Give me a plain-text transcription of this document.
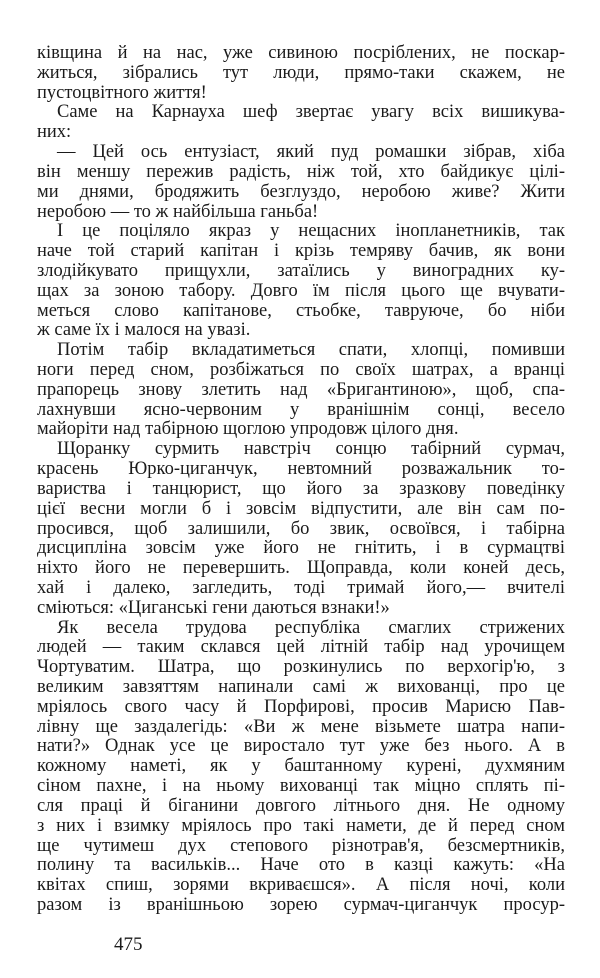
ківщина й на нас, уже сивиною посріблених, не поскар-
житься, зібрались тут люди, прямо-таки скажем, не
пустоцвітного життя!
Саме на Карнауха шеф звертає увагу всіх вишикува-
них:
— Цей ось ентузіаст, який пуд ромашки зібрав, хіба
він меншу пережив радість, ніж той, хто байдикує цілі-
ми днями, бродяжить безглуздо, неробою живе? Жити
неробою — то ж найбільша ганьба!
І це поціляло якраз у нещасних інопланетників, так
наче той старий капітан і крізь темряву бачив, як вони
злодійкувато прищухли, затаїлись у виноградних ку-
щах за зоною табору. Довго їм після цього ще вчувати-
меться слово капітанове, стьобке, тавруюче, бо ніби
ж саме їх і малося на увазі.
Потім табір вкладатиметься спати, хлопці, помивши
ноги перед сном, розбіжаться по своїх шатрах, а вранці
прапорець знову злетить над «Бригантиною», щоб, спа-
лахнувши ясно-червоним у вранішнім сонці, весело
майоріти над табірною щоглою упродовж цілого дня.
Щоранку сурмить навстріч сонцю табірний сурмач,
красень Юрко-циганчук, невтомний розважальник то-
вариства і танцюрист, що його за зразкову поведінку
цієї весни могли б і зовсім відпустити, але він сам по-
просився, щоб залишили, бо звик, освоївся, і табірна
дисципліна зовсім уже його не гнітить, і в сурмацтві
ніхто його не перевершить. Щоправда, коли коней десь,
хай і далеко, загледить, тоді тримай його,— вчителі
сміються: «Циганські гени даються взнаки!»
Як весела трудова республіка смаглих стрижених
людей — таким склався цей літній табір над урочищем
Чортуватим. Шатра, що розкинулись по верхогір'ю, з
великим завзяттям напинали самі ж вихованці, про це
мріялось свого часу й Порфирові, просив Марисю Пав-
лівну ще заздалегідь: «Ви ж мене візьмете шатра напи-
нати?» Однак усе це виростало тут уже без нього. А в
кожному наметі, як у баштанному курені, духмяним
сіном пахне, і на ньому вихованці так міцно сплять пі-
сля праці й біганини довгого літнього дня. Не одному
з них і взимку мріялось про такі намети, де й перед сном
ще чутимеш дух степового різнотрав'я, безсмертників,
полину та васильків... Наче ото в казці кажуть: «На
квітах спиш, зорями вкриваєшся». А після ночі, коли
разом із вранішньою зорею сурмач-циганчук просур-
475
